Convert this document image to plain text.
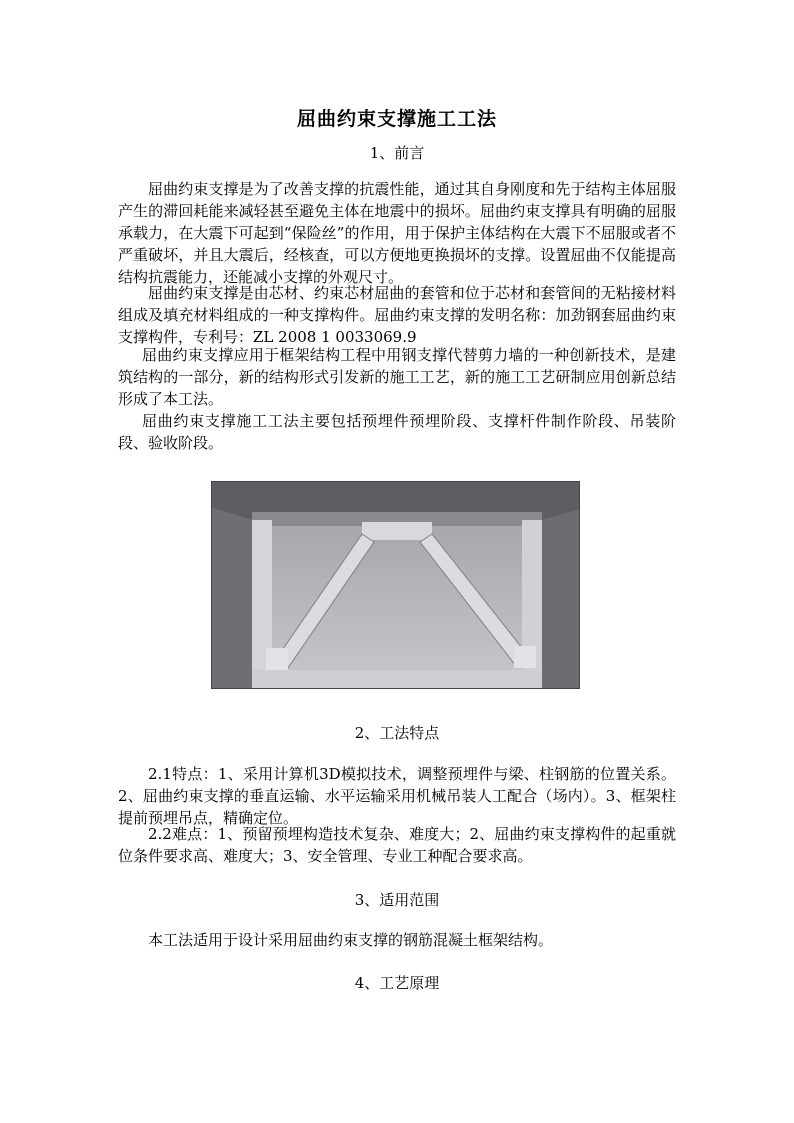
屈曲约束支撑施工工法
1、前言

屈曲约束支撑是为了改善支撑的抗震性能，通过其自身刚度和先于结构主体屈服产生的滞回耗能来减轻甚至避免主体在地震中的损坏。屈曲约束支撑具有明确的屈服承载力，在大震下可起到“保险丝”的作用，用于保护主体结构在大震下不屈服或者不严重破坏，并且大震后，经核查，可以方便地更换损坏的支撑。设置屈曲不仅能提高结构抗震能力，还能减小支撑的外观尺寸。

屈曲约束支撑是由芯材、约束芯材屈曲的套管和位于芯材和套管间的无粘接材料组成及填充材料组成的一种支撑构件。屈曲约束支撑的发明名称：加劲钢套屈曲约束支撑构件，专利号：ZL 2008 1 0033069.9

屈曲约束支撑应用于框架结构工程中用钢支撑代替剪力墙的一种创新技术，是建筑结构的一部分，新的结构形式引发新的施工工艺，新的施工工艺研制应用创新总结形成了本工法。

屈曲约束支撑施工工法主要包括预埋件预埋阶段、支撑杆件制作阶段、吊装阶段、验收阶段。

2、工法特点

2.1特点：1、采用计算机3D模拟技术，调整预埋件与梁、柱钢筋的位置关系。2、屈曲约束支撑的垂直运输、水平运输采用机械吊装人工配合（场内）。3、框架柱提前预埋吊点，精确定位。

2.2难点：1、预留预埋构造技术复杂、难度大；2、屈曲约束支撑构件的起重就位条件要求高、难度大；3、安全管理、专业工种配合要求高。

3、适用范围

本工法适用于设计采用屈曲约束支撑的钢筋混凝土框架结构。

4、工艺原理
